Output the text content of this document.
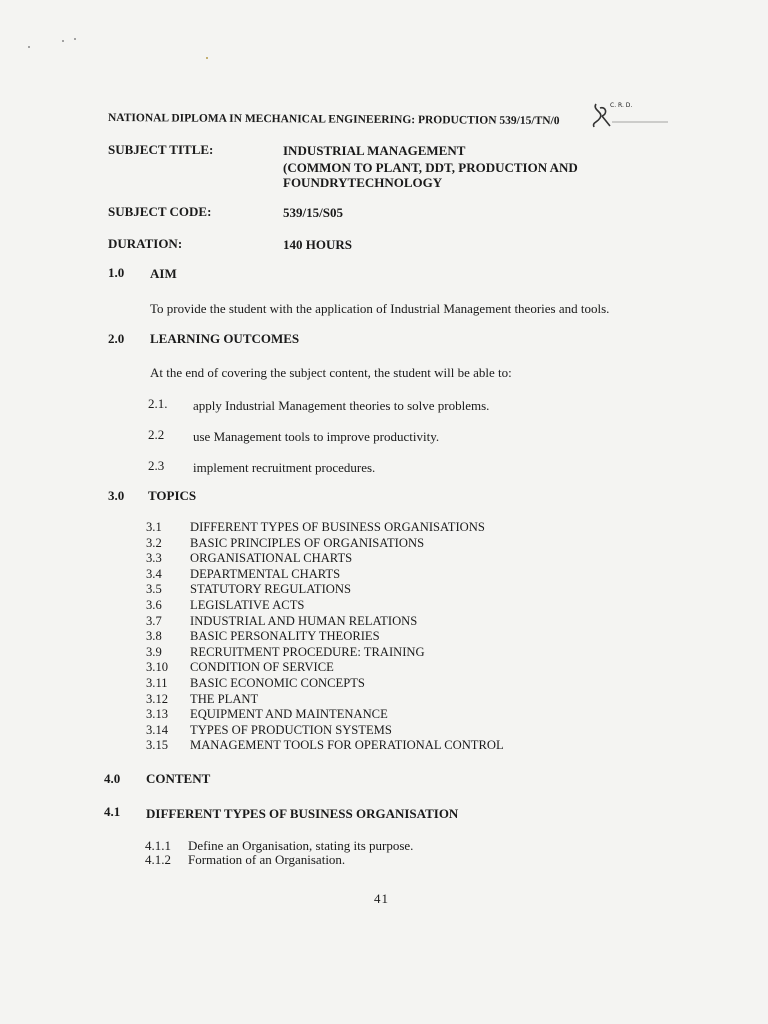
NATIONAL DIPLOMA IN MECHANICAL ENGINEERING: PRODUCTION 539/15/TN/0
C. R. D.
SUBJECT TITLE:	INDUSTRIAL MANAGEMENT
(COMMON TO PLANT, DDT, PRODUCTION AND
FOUNDRYTECHNOLOGY
SUBJECT CODE:	539/15/S05
DURATION:	140 HOURS
1.0 AIM
To provide the student with the application of Industrial Management theories and tools.
2.0 LEARNING OUTCOMES
At the end of covering the subject content, the student will be able to:
2.1. apply Industrial Management theories to solve problems.
2.2 use Management tools to improve productivity.
2.3 implement recruitment procedures.
3.0 TOPICS
3.1	DIFFERENT TYPES OF BUSINESS ORGANISATIONS
3.2	BASIC PRINCIPLES OF ORGANISATIONS
3.3	ORGANISATIONAL CHARTS
3.4	DEPARTMENTAL CHARTS
3.5	STATUTORY REGULATIONS
3.6	LEGISLATIVE ACTS
3.7	INDUSTRIAL AND HUMAN RELATIONS
3.8	BASIC PERSONALITY THEORIES
3.9	RECRUITMENT PROCEDURE: TRAINING
3.10	CONDITION OF SERVICE
3.11	BASIC ECONOMIC CONCEPTS
3.12	THE PLANT
3.13	EQUIPMENT AND MAINTENANCE
3.14	TYPES OF PRODUCTION SYSTEMS
3.15	MANAGEMENT TOOLS FOR OPERATIONAL CONTROL
4.0 CONTENT
4.1 DIFFERENT TYPES OF BUSINESS ORGANISATION
4.1.1 Define an Organisation, stating its purpose.
4.1.2 Formation of an Organisation.
41
